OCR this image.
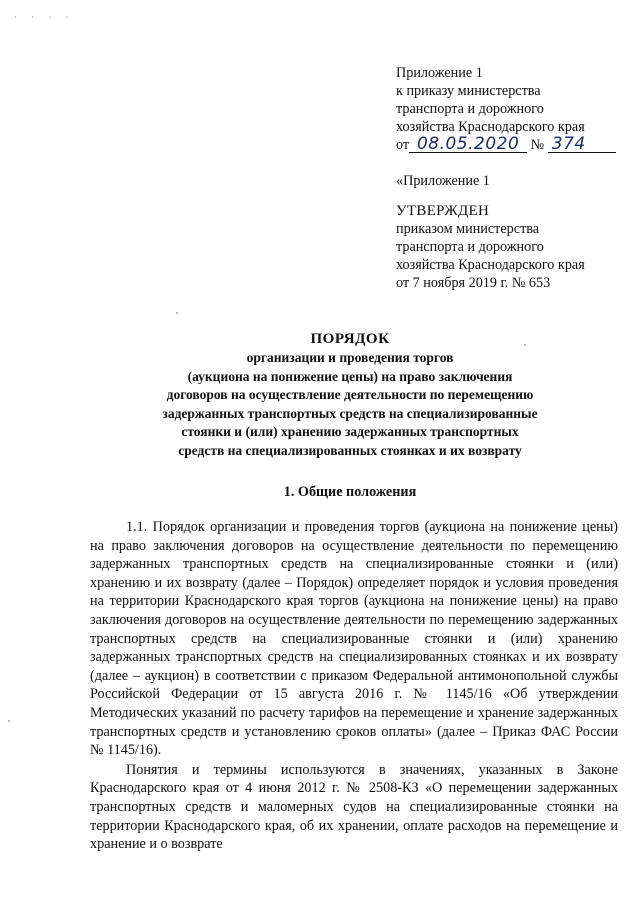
· · · ·
Приложение 1
к приказу министерства
транспорта и дорожного
хозяйства Краснодарского края
от 08.05.2020 № 374
«Приложение 1
УТВЕРЖДЕН
приказом министерства
транспорта и дорожного
хозяйства Краснодарского края
от 7 ноября 2019 г. № 653
ПОРЯДОК
организации и проведения торгов
(аукциона на понижение цены) на право заключения
договоров на осуществление деятельности по перемещению
задержанных транспортных средств на специализированные
стоянки и (или) хранению задержанных транспортных
средств на специализированных стоянках и их возврату
1. Общие положения

1.1. Порядок организации и проведения торгов (аукциона на понижение цены) на право заключения договоров на осуществление деятельности по перемещению задержанных транспортных средств на специализированные стоянки и (или) хранению и их возврату (далее – Порядок) определяет порядок и условия проведения на территории Краснодарского края торгов (аукциона на понижение цены) на право заключения договоров на осуществление деятельности по перемещению задержанных транспортных средств на специализированные стоянки и (или) хранению задержанных транспортных средств на специализированных стоянках и их возврату (далее – аукцион) в соответствии с приказом Федеральной антимонопольной службы Российской Федерации от 15 августа 2016 г. № 1145/16 «Об утверждении Методических указаний по расчету тарифов на перемещение и хранение задержанных транспортных средств и установлению сроков оплаты» (далее – Приказ ФАС России № 1145/16).

Понятия и термины используются в значениях, указанных в Законе Краснодарского края от 4 июня 2012 г. № 2508-КЗ «О перемещении задержанных транспортных средств и маломерных судов на специализированные стоянки на территории Краснодарского края, об их хранении, оплате расходов на перемещение и хранение и о возврате
